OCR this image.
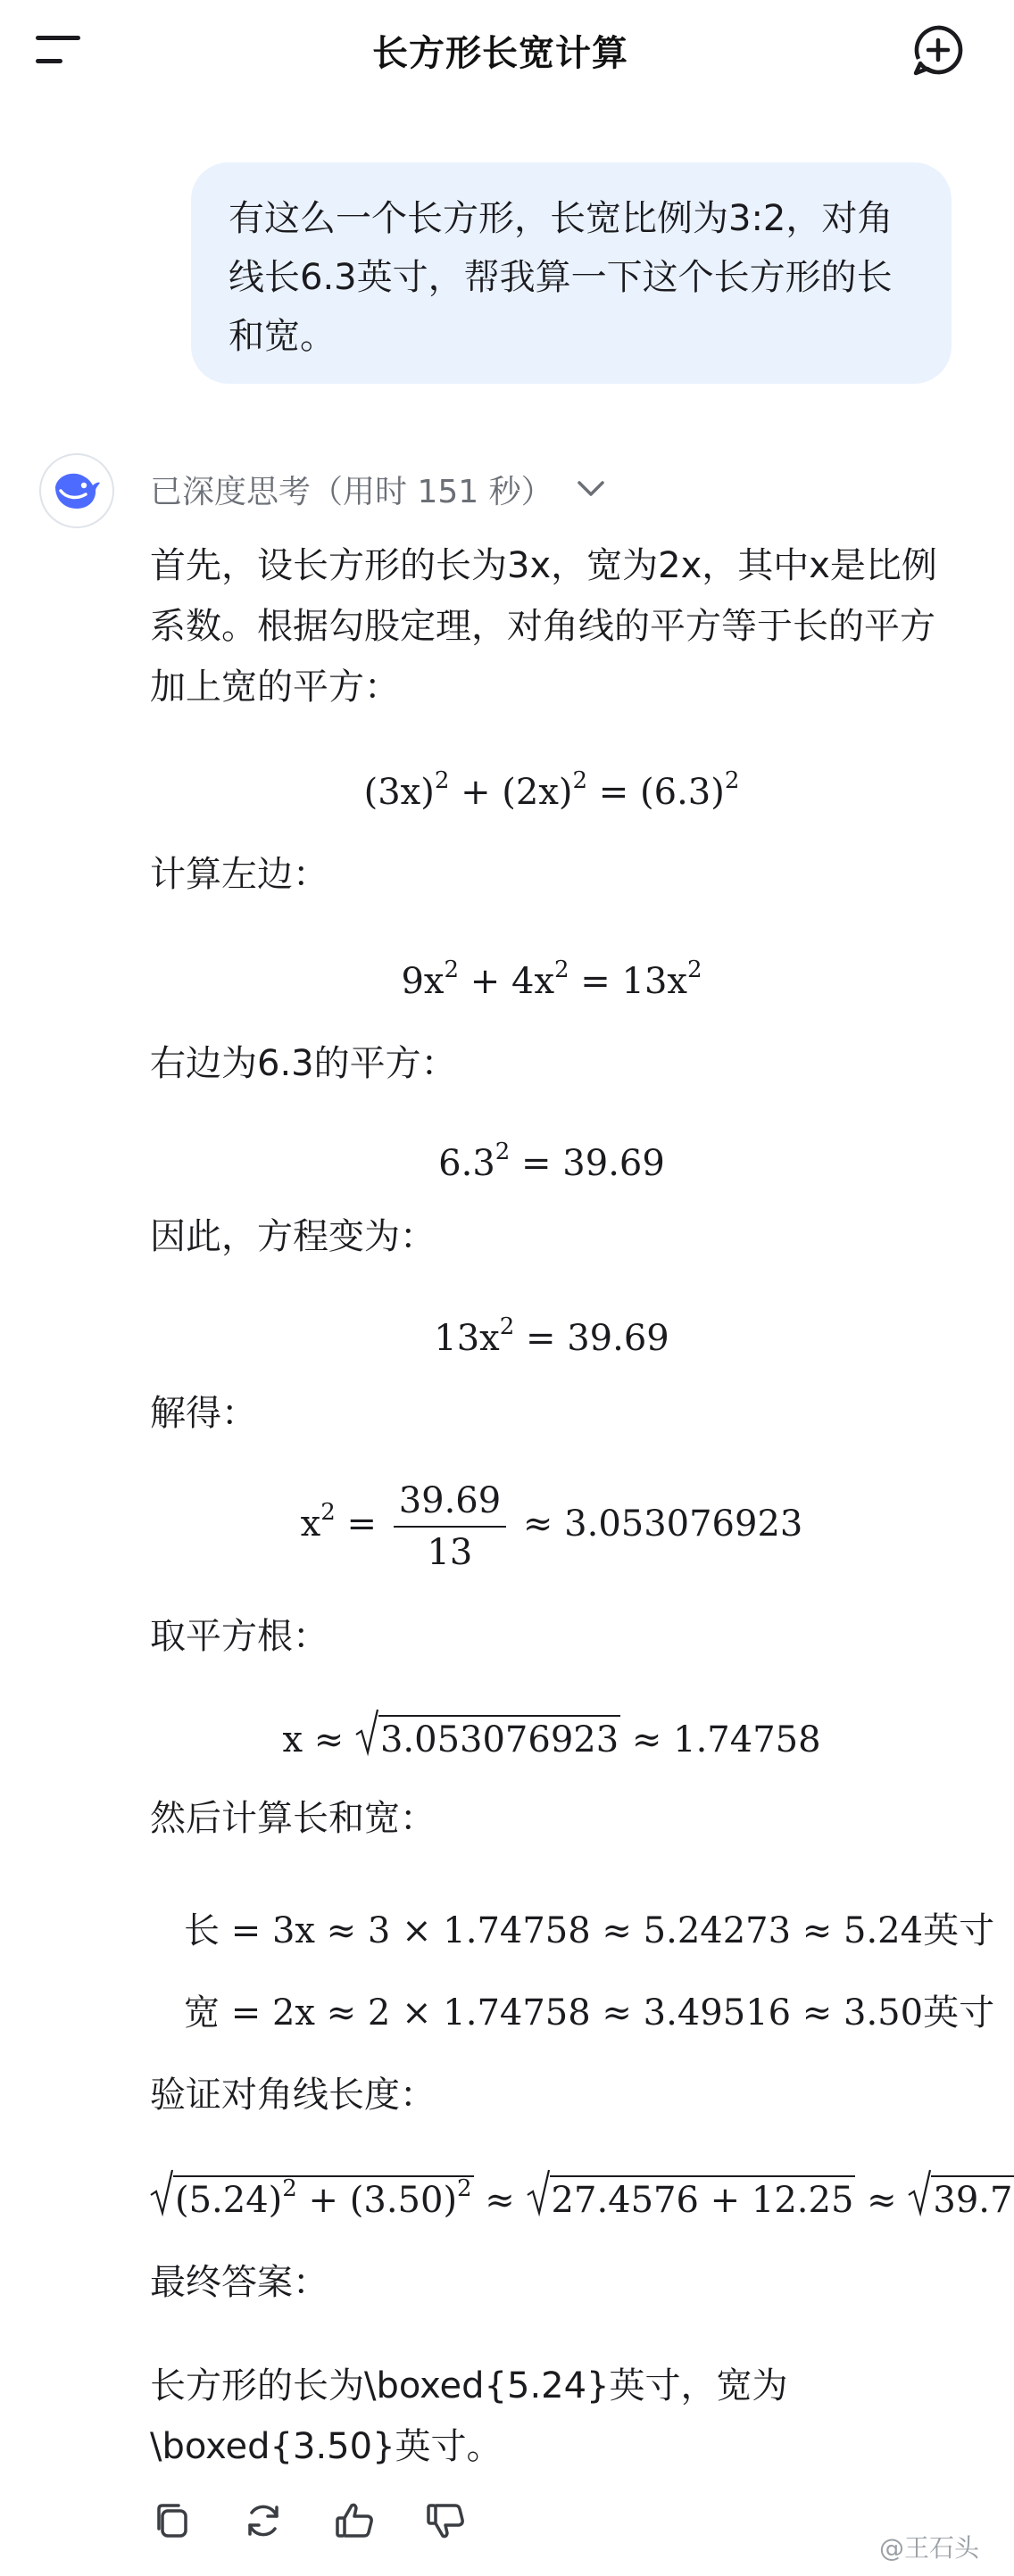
长方形长宽计算
有这么一个长方形，长宽比例为3:2，对角线长6.3英寸，帮我算一下这个长方形的长和宽。
已深度思考（用时 151 秒）
首先，设长方形的长为3x，宽为2x，其中x是比例系数。根据勾股定理，对角线的平方等于长的平方加上宽的平方：
$(3x)^2 + (2x)^2 = (6.3)^2$
计算左边：
$9x^2 + 4x^2 = 13x^2$
右边为6.3的平方：
$6.3^2 = 39.69$
因此，方程变为：
$13x^2 = 39.69$
解得：
$x^2 = \frac{39.69}{13} \approx 3.053076923$
取平方根：
x ≈
3.053076923 ≈ 1.74758
然后计算长和宽：
长 = 3x ≈ 3 × 1.74758 ≈ 5.24273 ≈ 5.24英寸
宽 = 2x ≈ 2 × 1.74758 ≈ 3.49516 ≈ 3.50英寸
验证对角线长度：
$(5.24)^2 + (3.50)^2$ ≈
27.4576 + 12.25 ≈
39.7
最终答案：
长方形的长为\boxed{5.24}英寸，宽为\boxed{3.50}英寸。
@王石头
